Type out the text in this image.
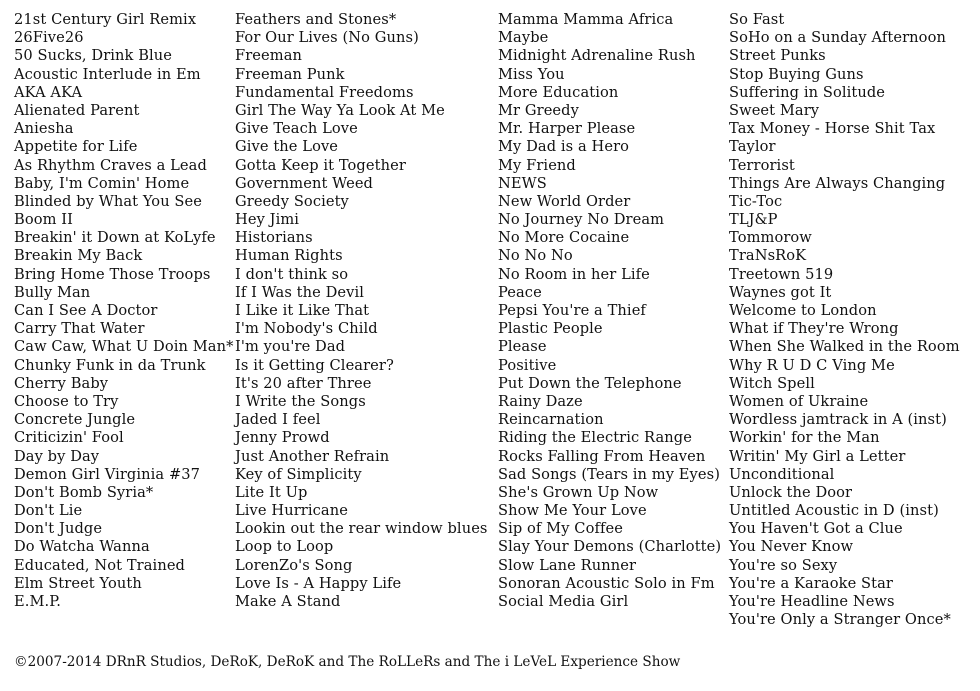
21st Century Girl Remix
26Five26
50 Sucks, Drink Blue
Acoustic Interlude in Em
AKA AKA
Alienated Parent
Aniesha
Appetite for Life
As Rhythm Craves a Lead
Baby, I'm Comin' Home
Blinded by What You See
Boom II
Breakin' it Down at KoLyfe
Breakin My Back
Bring Home Those Troops
Bully Man
Can I See A Doctor
Carry That Water
Caw Caw, What U Doin Man*
Chunky Funk in da Trunk
Cherry Baby
Choose to Try
Concrete Jungle
Criticizin' Fool
Day by Day
Demon Girl Virginia #37
Don't Bomb Syria*
Don't Lie
Don't Judge
Do Watcha Wanna
Educated, Not Trained
Elm Street Youth
E.M.P.
Feathers and Stones*
For Our Lives (No Guns)
Freeman
Freeman Punk
Fundamental Freedoms
Girl The Way Ya Look At Me
Give Teach Love
Give the Love
Gotta Keep it Together
Government Weed
Greedy Society
Hey Jimi
Historians
Human Rights
I don't think so
If I Was the Devil
I Like it Like That
I'm Nobody's Child
I'm you're Dad
Is it Getting Clearer?
It's 20 after Three
I Write the Songs
Jaded I feel
Jenny Prowd
Just Another Refrain
Key of Simplicity
Lite It Up
Live Hurricane
Lookin out the rear window blues
Loop to Loop
LorenZo's Song
Love Is - A Happy Life
Make A Stand
Mamma Mamma Africa
Maybe
Midnight Adrenaline Rush
Miss You
More Education
Mr Greedy
Mr. Harper Please
My Dad is a Hero
My Friend
NEWS
New World Order
No Journey No Dream
No More Cocaine
No No No
No Room in her Life
Peace
Pepsi You're a Thief
Plastic People
Please
Positive
Put Down the Telephone
Rainy Daze
Reincarnation
Riding the Electric Range
Rocks Falling From Heaven
Sad Songs (Tears in my Eyes)
She's Grown Up Now
Show Me Your Love
Sip of My Coffee
Slay Your Demons (Charlotte)
Slow Lane Runner
Sonoran Acoustic Solo in Fm
Social Media Girl
So Fast
SoHo on a Sunday Afternoon
Street Punks
Stop Buying Guns
Suffering in Solitude
Sweet Mary
Tax Money - Horse Shit Tax
Taylor
Terrorist
Things Are Always Changing
Tic-Toc
TLJ&P
Tommorow
TraNsRoK
Treetown 519
Waynes got It
Welcome to London
What if They're Wrong
When She Walked in the Room
Why R U D C Ving Me
Witch Spell
Women of Ukraine
Wordless jamtrack in A (inst)
Workin' for the Man
Writin' My Girl a Letter
Unconditional
Unlock the Door
Untitled Acoustic in D (inst)
You Haven't Got a Clue
You Never Know
You're so Sexy
You're a Karaoke Star
You're Headline News
You're Only a Stranger Once*
©2007-2014 DRnR Studios, DeRoK, DeRoK and The RoLLeRs and The i LeVeL Experience Show
